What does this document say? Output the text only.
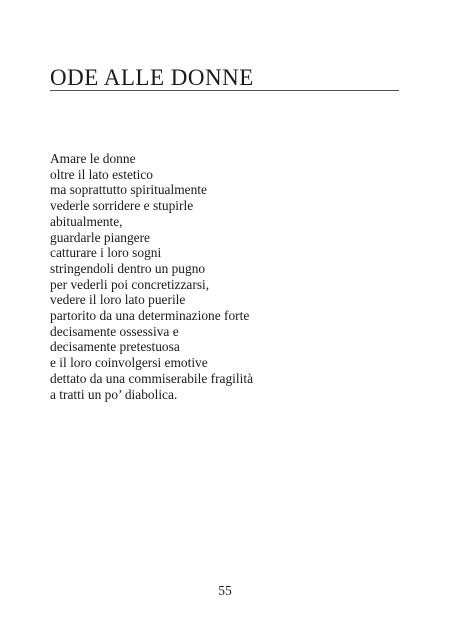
ODE ALLE DONNE
Amare le donne
oltre il lato estetico
ma soprattutto spiritualmente
vederle sorridere e stupirle
abitualmente,
guardarle piangere
catturare i loro sogni
stringendoli dentro un pugno
per vederli poi concretizzarsi,
vedere il loro lato puerile
partorito da una determinazione forte
decisamente ossessiva e
decisamente pretestuosa
e il loro coinvolgersi emotive
dettato da una commiserabile fragilità
a tratti un po’ diabolica.
55
